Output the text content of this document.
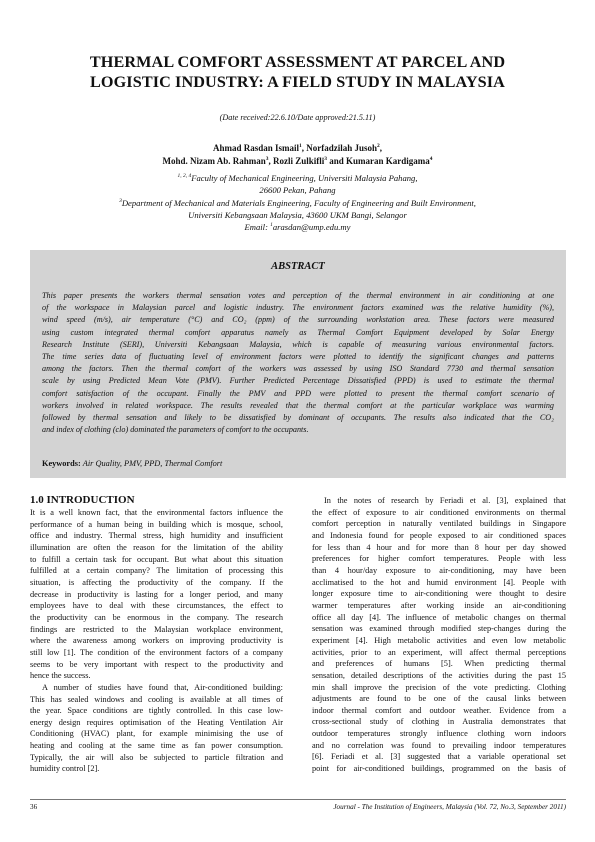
THERMAL COMFORT ASSESSMENT AT PARCEL AND
LOGISTIC INDUSTRY: A FIELD STUDY IN MALAYSIA
(Date received:22.6.10/Date approved:21.5.11)
Ahmad Rasdan Ismail$^1$, Norfadzilah Jusoh$^2$,
Mohd. Nizam Ab. Rahman$^3$, Rozli Zulkifli$^3$ and Kumaran Kardigama$^4$
$^{1, 2, 4}$Faculty of Mechanical Engineering, Universiti Malaysia Pahang,
26600 Pekan, Pahang
$^3$Department of Mechanical and Materials Engineering, Faculty of Engineering and Built Environment,
Universiti Kebangsaan Malaysia, 43600 UKM Bangi, Selangor
Email: $^1$arasdan@ump.edu.my
ABSTRACT
This paper presents the workers thermal sensation votes and perception of the thermal environment in air conditioning at one
of the workspace in Malaysian parcel and logistic industry. The environment factors examined was the relative humidity (%),
wind speed (m/s), air temperature (°C) and CO₂ (ppm) of the surrounding workstation area. These factors were measured
using custom integrated thermal comfort apparatus namely as Thermal Comfort Equipment developed by Solar Energy
Research Institute (SERI), Universiti Kebangsaan Malaysia, which is capable of measuring various environmental factors.
The time series data of fluctuating level of environment factors were plotted to identify the significant changes and patterns
among the factors. Then the thermal comfort of the workers was assessed by using ISO Standard 7730 and thermal sensation
scale by using Predicted Mean Vote (PMV). Further Predicted Percentage Dissatisfied (PPD) is used to estimate the thermal
comfort satisfaction of the occupant. Finally the PMV and PPD were plotted to present the thermal comfort scenario of
workers involved in related workspace. The results revealed that the thermal comfort at the particular workplace was warming
followed by thermal sensation and likely to be dissatisfied by dominant of occupants. The results also indicated that the CO₂
and index of clothing (clo) dominated the parameters of comfort to the occupants.
Keywords: Air Quality, PMV, PPD, Thermal Comfort
1.0 INTRODUCTION

It is a well known fact, that the environmental factors influence the
performance of a human being in building which is mosque, school,
office and industry. Thermal stress, high humidity and insufficient
illumination are often the reason for the limitation of the ability
to fulfill a certain task for occupant. But what about this situation
fulfilled at a certain company? The limitation of processing this
situation, is affecting the productivity of the company. If the
decrease in productivity is lasting for a longer period, and many
employees have to deal with these circumstances, the effect to
the productivity can be enormous in the company. The research
findings are restricted to the Malaysian workplace environment,
where the awareness among workers on improving productivity is
still low [1]. The condition of the environment factors of a company
seems to be very important with respect to the productivity and
hence the success.

A number of studies have found that, Air-conditioned building:
This has sealed windows and cooling is available at all times of
the year. Space conditions are tightly controlled. In this case low-
energy design requires optimisation of the Heating Ventilation Air
Conditioning (HVAC) plant, for example minimising the use of
heating and cooling at the same time as fan power consumption.
Typically, the air will also be subjected to particle filtration and
humidity control [2].

In the notes of research by Feriadi et al. [3], explained that
the effect of exposure to air conditioned environments on thermal
comfort perception in naturally ventilated buildings in Singapore
and Indonesia found for people exposed to air conditioned spaces
for less than 4 hour and for more than 8 hour per day showed
preferences for higher comfort temperatures. People with less
than 4 hour/day exposure to air-conditioning, may have been
acclimatised to the hot and humid environment [4]. People with
longer exposure time to air-conditioning were thought to desire
warmer temperatures after working inside an air-conditioning
office all day [4]. The influence of metabolic changes on thermal
sensation was examined through modified step-changes during the
experiment [4]. High metabolic activities and even low metabolic
activities, prior to an experiment, will affect thermal perceptions
and preferences of humans [5]. When predicting thermal
sensation, detailed descriptions of the activities during the past 15
min shall improve the precision of the vote predicting. Clothing
adjustments are found to be one of the causal links between
indoor thermal comfort and outdoor weather. Evidence from a
cross-sectional study of clothing in Australia demonstrates that
outdoor temperatures strongly influence clothing worn indoors
and no correlation was found to prevailing indoor temperatures
[6]. Feriadi et al. [3] suggested that a variable operational set
point for air-conditioned buildings, programmed on the basis of

36	Journal - The Institution of Engineers, Malaysia (Vol. 72, No.3, September 2011)
